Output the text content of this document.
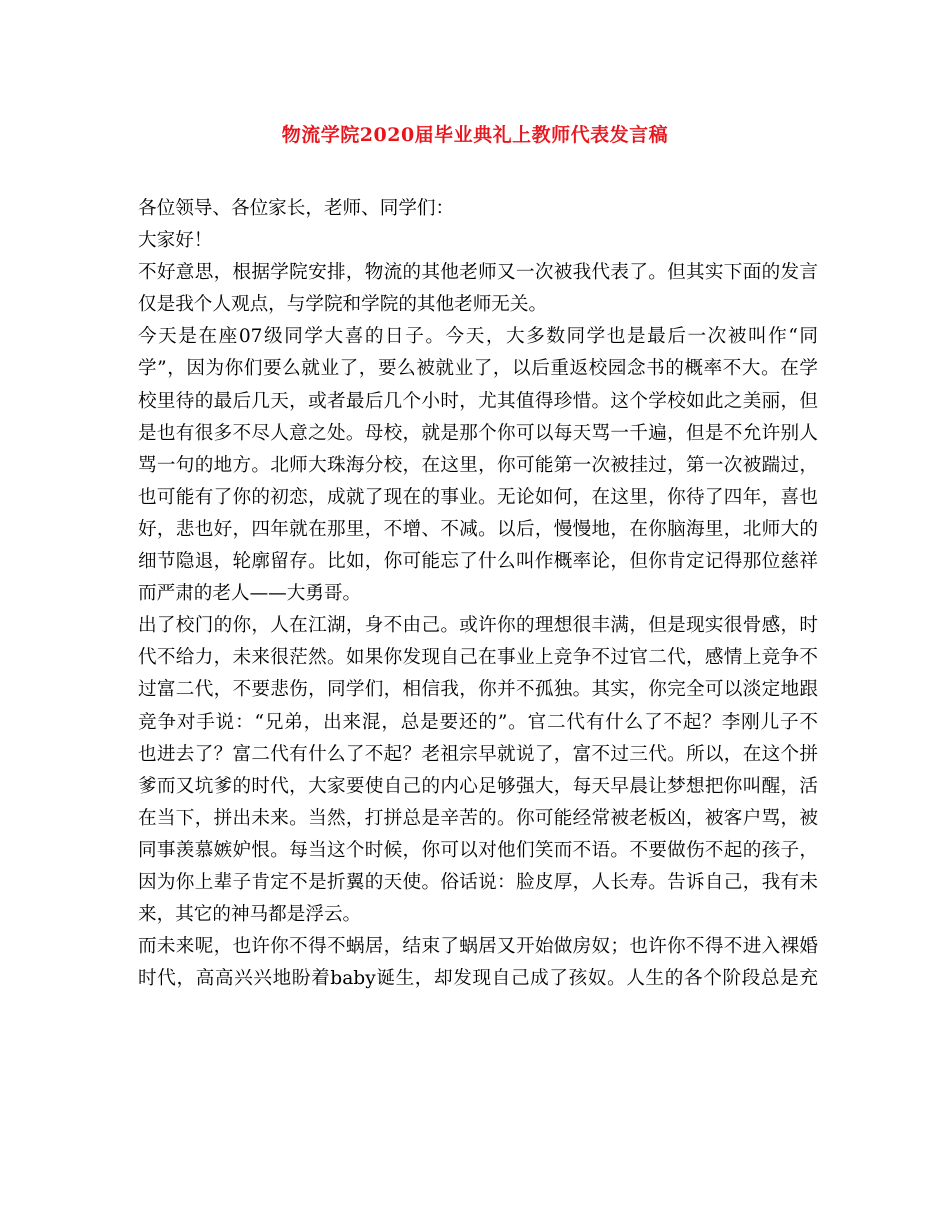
物流学院2020届毕业典礼上教师代表发言稿
各位领导、各位家长，老师、同学们：
大家好！
不好意思，根据学院安排，物流的其他老师又一次被我代表了。但其实下面的发言
仅是我个人观点，与学院和学院的其他老师无关。
今天是在座07级同学大喜的日子。今天，大多数同学也是最后一次被叫作“同
学”，因为你们要么就业了，要么被就业了，以后重返校园念书的概率不大。在学
校里待的最后几天，或者最后几个小时，尤其值得珍惜。这个学校如此之美丽，但
是也有很多不尽人意之处。母校，就是那个你可以每天骂一千遍，但是不允许别人
骂一句的地方。北师大珠海分校，在这里，你可能第一次被挂过，第一次被踹过，
也可能有了你的初恋，成就了现在的事业。无论如何，在这里，你待了四年，喜也
好，悲也好，四年就在那里，不增、不减。以后，慢慢地，在你脑海里，北师大的
细节隐退，轮廓留存。比如，你可能忘了什么叫作概率论，但你肯定记得那位慈祥
而严肃的老人——大勇哥。
出了校门的你，人在江湖，身不由己。或许你的理想很丰满，但是现实很骨感，时
代不给力，未来很茫然。如果你发现自己在事业上竞争不过官二代，感情上竞争不
过富二代，不要悲伤，同学们，相信我，你并不孤独。其实，你完全可以淡定地跟
竞争对手说：“兄弟，出来混，总是要还的”。官二代有什么了不起？李刚儿子不
也进去了？富二代有什么了不起？老祖宗早就说了，富不过三代。所以，在这个拼
爹而又坑爹的时代，大家要使自己的内心足够强大，每天早晨让梦想把你叫醒，活
在当下，拼出未来。当然，打拼总是辛苦的。你可能经常被老板凶，被客户骂，被
同事羡慕嫉妒恨。每当这个时候，你可以对他们笑而不语。不要做伤不起的孩子，
因为你上辈子肯定不是折翼的天使。俗话说：脸皮厚，人长寿。告诉自己，我有未
来，其它的神马都是浮云。
而未来呢，也许你不得不蜗居，结束了蜗居又开始做房奴；也许你不得不进入裸婚
时代，高高兴兴地盼着baby诞生，却发现自己成了孩奴。人生的各个阶段总是充
